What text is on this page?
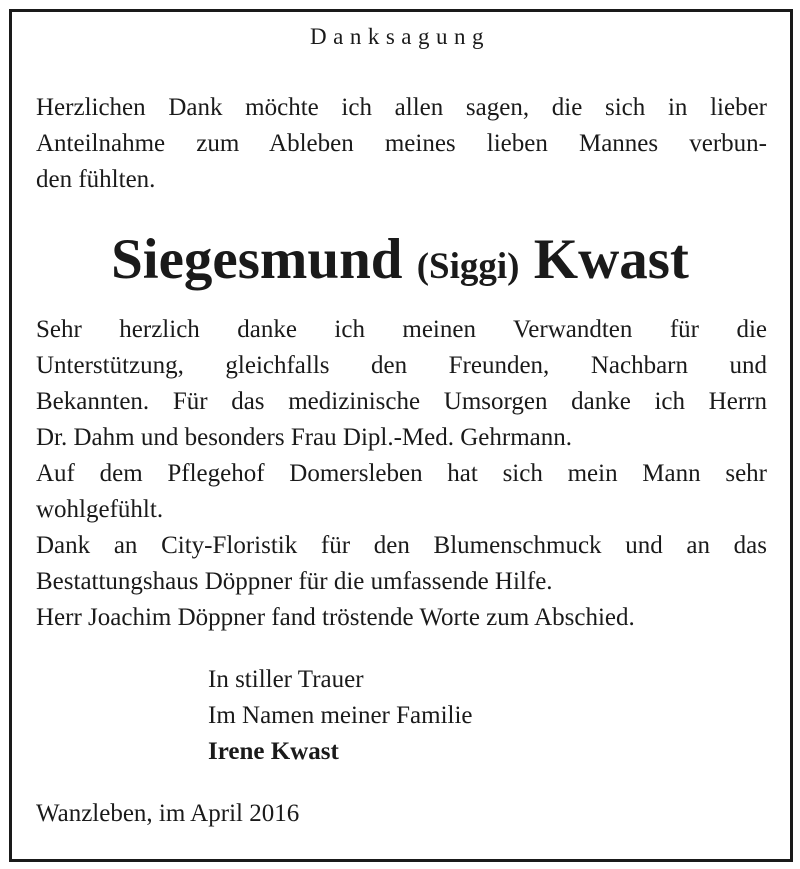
Danksagung
Herzlichen Dank möchte ich allen sagen, die sich in lieber
Anteilnahme zum Ableben meines lieben Mannes verbun-
den fühlten.
Siegesmund (Siggi) Kwast
Sehr herzlich danke ich meinen Verwandten für die
Unterstützung, gleichfalls den Freunden, Nachbarn und
Bekannten. Für das medizinische Umsorgen danke ich Herrn
Dr. Dahm und besonders Frau Dipl.-Med. Gehrmann.
Auf dem Pflegehof Domersleben hat sich mein Mann sehr
wohlgefühlt.
Dank an City-Floristik für den Blumenschmuck und an das
Bestattungshaus Döppner für die umfassende Hilfe.
Herr Joachim Döppner fand tröstende Worte zum Abschied.
In stiller Trauer
Im Namen meiner Familie
Irene Kwast
Wanzleben, im April 2016
